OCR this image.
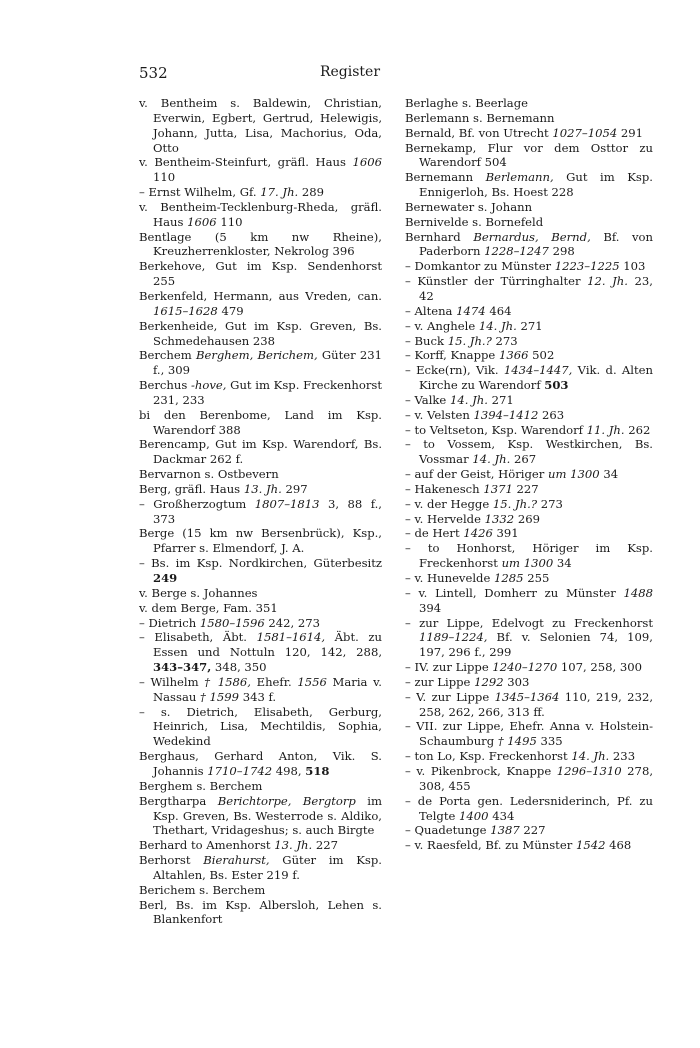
532	Register
v. Bentheim s. Baldewin, Christian, Everwin, Egbert, Gertrud, Helewigis, Johann, Jutta, Lisa, Machorius, Oda, Otto
v. Bentheim-Steinfurt, gräfl. Haus 1606 110
– Ernst Wilhelm, Gf. 17. Jh. 289
v. Bentheim-Tecklenburg-Rheda, gräfl. Haus 1606 110
Bentlage (5 km nw Rheine), Kreuzherrenkloster, Nekrolog 396
Berkehove, Gut im Ksp. Sendenhorst 255
Berkenfeld, Hermann, aus Vreden, can. 1615–1628 479
Berkenheide, Gut im Ksp. Greven, Bs. Schmedehausen 238
Berchem Berghem, Berichem, Güter 231 f., 309
Berchus -hove, Gut im Ksp. Freckenhorst 231, 233
bi den Berenbome, Land im Ksp. Warendorf 388
Berencamp, Gut im Ksp. Warendorf, Bs. Dackmar 262 f.
Bervarnon s. Ostbevern
Berg, gräfl. Haus 13. Jh. 297
– Großherzogtum 1807–1813 3, 88 f., 373
Berge (15 km nw Bersenbrück), Ksp., Pfarrer s. Elmendorf, J. A.
– Bs. im Ksp. Nordkirchen, Güterbesitz 249
v. Berge s. Johannes
v. dem Berge, Fam. 351
– Dietrich 1580–1596 242, 273
– Elisabeth, Äbt. 1581–1614, Äbt. zu Essen und Nottuln 120, 142, 288, 343–347, 348, 350
– Wilhelm † 1586, Ehefr. 1556 Maria v. Nassau † 1599 343 f.
– s. Dietrich, Elisabeth, Gerburg, Heinrich, Lisa, Mechtildis, Sophia, Wedekind
Berghaus, Gerhard Anton, Vik. S. Johannis 1710–1742 498, 518
Berghem s. Berchem
Bergtharpa Berichtorpe, Bergtorp im Ksp. Greven, Bs. Westerrode s. Aldiko, Thethart, Vridageshus; s. auch Birgte
Berhard to Amenhorst 13. Jh. 227
Berhorst Bierahurst, Güter im Ksp. Altahlen, Bs. Ester 219 f.
Berichem s. Berchem
Berl, Bs. im Ksp. Albersloh, Lehen s. Blankenfort
Berlaghe s. Beerlage
Berlemann s. Bernemann
Bernald, Bf. von Utrecht 1027–1054 291
Bernekamp, Flur vor dem Osttor zu Warendorf 504
Bernemann Berlemann, Gut im Ksp. Ennigerloh, Bs. Hoest 228
Bernewater s. Johann
Bernivelde s. Bornefeld
Bernhard Bernardus, Bernd, Bf. von Paderborn 1228–1247 298
– Domkantor zu Münster 1223–1225 103
– Künstler der Türringhalter 12. Jh. 23, 42
– Altena 1474 464
– v. Anghele 14. Jh. 271
– Buck 15. Jh.? 273
– Korff, Knappe 1366 502
– Ecke(rn), Vik. 1434–1447, Vik. d. Alten Kirche zu Warendorf 503
– Valke 14. Jh. 271
– v. Velsten 1394–1412 263
– to Veltseton, Ksp. Warendorf 11. Jh. 262
– to Vossem, Ksp. Westkirchen, Bs. Vossmar 14. Jh. 267
– auf der Geist, Höriger um 1300 34
– Hakenesch 1371 227
– v. der Hegge 15. Jh.? 273
– v. Hervelde 1332 269
– de Hert 1426 391
– to Honhorst, Höriger im Ksp. Freckenhorst um 1300 34
– v. Hunevelde 1285 255
– v. Lintell, Domherr zu Münster 1488 394
– zur Lippe, Edelvogt zu Freckenhorst 1189–1224, Bf. v. Selonien 74, 109, 197, 296 f., 299
– IV. zur Lippe 1240–1270 107, 258, 300
– zur Lippe 1292 303
– V. zur Lippe 1345–1364 110, 219, 232, 258, 262, 266, 313 ff.
– VII. zur Lippe, Ehefr. Anna v. Holstein-Schaumburg † 1495 335
– ton Lo, Ksp. Freckenhorst 14. Jh. 233
– v. Pikenbrock, Knappe 1296–1310 278, 308, 455
– de Porta gen. Ledersniderinch, Pf. zu Telgte 1400 434
– Quadetunge 1387 227
– v. Raesfeld, Bf. zu Münster 1542 468
